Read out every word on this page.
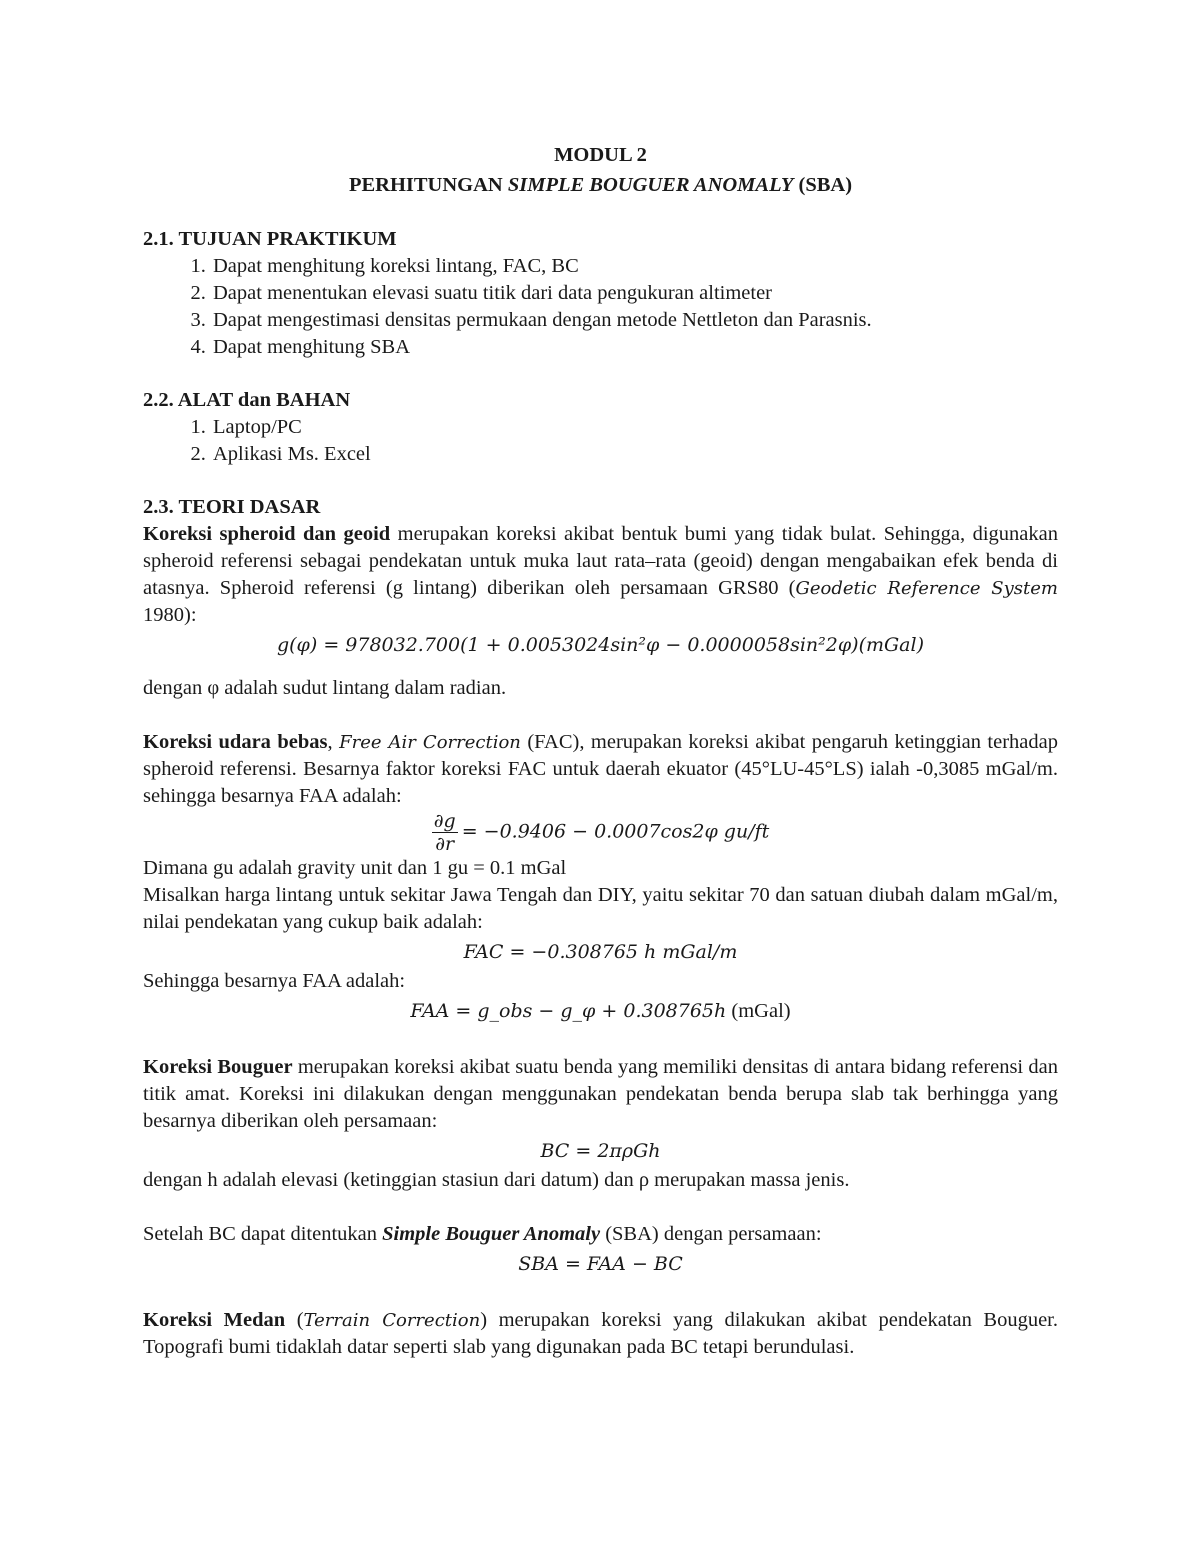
MODUL 2
PERHITUNGAN SIMPLE BOUGUER ANOMALY (SBA)
2.1. TUJUAN PRAKTIKUM
1. Dapat menghitung koreksi lintang, FAC, BC
2. Dapat menentukan elevasi suatu titik dari data pengukuran altimeter
3. Dapat mengestimasi densitas permukaan dengan metode Nettleton dan Parasnis.
4. Dapat menghitung SBA
2.2. ALAT dan BAHAN
1. Laptop/PC
2. Aplikasi Ms. Excel
2.3. TEORI DASAR

Koreksi spheroid dan geoid merupakan koreksi akibat bentuk bumi yang tidak bulat. Sehingga, digunakan spheroid referensi sebagai pendekatan untuk muka laut rata–rata (geoid) dengan mengabaikan efek benda di atasnya. Spheroid referensi (g lintang) diberikan oleh persamaan GRS80 (Geodetic Reference System 1980):

g(φ) = 978032.700(1 + 0.0053024sin²φ − 0.0000058sin²2φ)(mGal)

dengan φ adalah sudut lintang dalam radian.

Koreksi udara bebas, Free Air Correction (FAC), merupakan koreksi akibat pengaruh ketinggian terhadap spheroid referensi. Besarnya faktor koreksi FAC untuk daerah ekuator (45°LU-45°LS) ialah -0,3085 mGal/m. sehingga besarnya FAA adalah:

$\frac{\partial g}{\partial r} = -0.9406 - 0.0007\cos 2\varphi$ gu/ft

Dimana gu adalah gravity unit dan 1 gu = 0.1 mGal

Misalkan harga lintang untuk sekitar Jawa Tengah dan DIY, yaitu sekitar 70 dan satuan diubah dalam mGal/m, nilai pendekatan yang cukup baik adalah:

FAC = −0.308765 h mGal/m

Sehingga besarnya FAA adalah:

FAA = g_obs − g_φ + 0.308765h (mGal)

Koreksi Bouguer merupakan koreksi akibat suatu benda yang memiliki densitas di antara bidang referensi dan titik amat. Koreksi ini dilakukan dengan menggunakan pendekatan benda berupa slab tak berhingga yang besarnya diberikan oleh persamaan:

BC = 2πρGh

dengan h adalah elevasi (ketinggian stasiun dari datum) dan ρ merupakan massa jenis.

Setelah BC dapat ditentukan Simple Bouguer Anomaly (SBA) dengan persamaan:

SBA = FAA − BC

Koreksi Medan (Terrain Correction) merupakan koreksi yang dilakukan akibat pendekatan Bouguer. Topografi bumi tidaklah datar seperti slab yang digunakan pada BC tetapi berundulasi.
